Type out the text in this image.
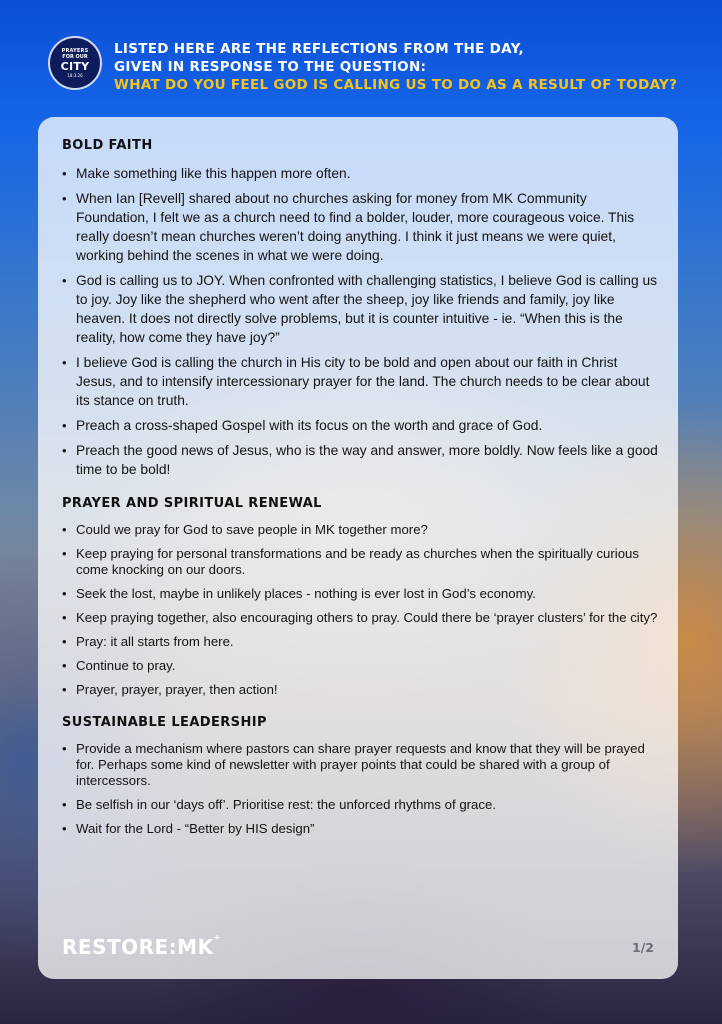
PRAYERS
FOR OUR
CITY
18.3.26
LISTED HERE ARE THE REFLECTIONS FROM THE DAY,
GIVEN IN RESPONSE TO THE QUESTION:
WHAT DO YOU FEEL GOD IS CALLING US TO DO AS A RESULT OF TODAY?
BOLD FAITH
• Make something like this happen more often.
• When Ian [Revell] shared about no churches asking for money from MK Community Foundation, I felt we as a church need to find a bolder, louder, more courageous voice. This really doesn’t mean churches weren’t doing anything. I think it just means we were quiet, working behind the scenes in what we were doing.
• God is calling us to JOY. When confronted with challenging statistics, I believe God is calling us to joy. Joy like the shepherd who went after the sheep, joy like friends and family, joy like heaven. It does not directly solve problems, but it is counter intuitive - ie. “When this is the reality, how come they have joy?”
• I believe God is calling the church in His city to be bold and open about our faith in Christ Jesus, and to intensify intercessionary prayer for the land. The church needs to be clear about its stance on truth.
• Preach a cross-shaped Gospel with its focus on the worth and grace of God.
• Preach the good news of Jesus, who is the way and answer, more boldly. Now feels like a good time to be bold!
PRAYER AND SPIRITUAL RENEWAL
• Could we pray for God to save people in MK together more?
• Keep praying for personal transformations and be ready as churches when the spiritually curious come knocking on our doors.
• Seek the lost, maybe in unlikely places - nothing is ever lost in God’s economy.
• Keep praying together, also encouraging others to pray. Could there be ‘prayer clusters’ for the city?
• Pray: it all starts from here.
• Continue to pray.
• Prayer, prayer, prayer, then action!
SUSTAINABLE LEADERSHIP
• Provide a mechanism where pastors can share prayer requests and know that they will be prayed for. Perhaps some kind of newsletter with prayer points that could be shared with a group of intercessors.
• Be selfish in our ‘days off’. Prioritise rest: the unforced rhythms of grace.
• Wait for the Lord - “Better by HIS design”
RESTORE:MK+
1/2
